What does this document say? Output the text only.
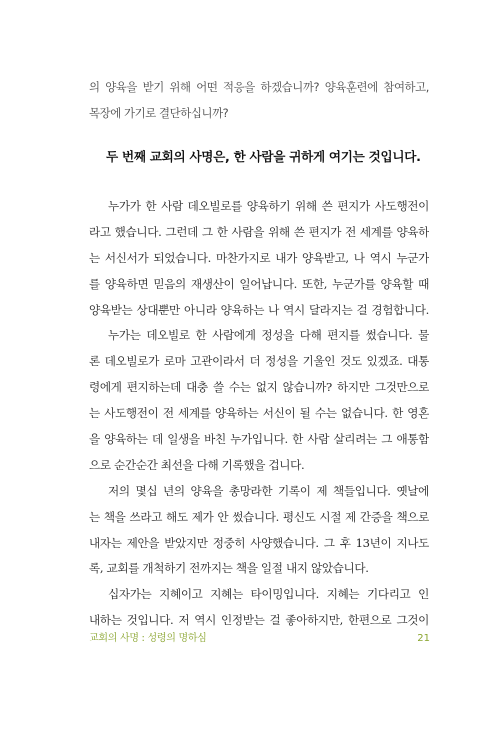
의 양육을 받기 위해 어떤 적응을 하겠습니까? 양육훈련에 참여하고,
목장에 가기로 결단하십니까?
두 번째 교회의 사명은, 한 사람을 귀하게 여기는 것입니다.
누가가 한 사람 데오빌로를 양육하기 위해 쓴 편지가 사도행전이
라고 했습니다. 그런데 그 한 사람을 위해 쓴 편지가 전 세계를 양육하
는 서신서가 되었습니다. 마찬가지로 내가 양육받고, 나 역시 누군가
를 양육하면 믿음의 재생산이 일어납니다. 또한, 누군가를 양육할 때
양육받는 상대뿐만 아니라 양육하는 나 역시 달라지는 걸 경험합니다.
누가는 데오빌로 한 사람에게 정성을 다해 편지를 썼습니다. 물
론 데오빌로가 로마 고관이라서 더 정성을 기울인 것도 있겠죠. 대통
령에게 편지하는데 대충 쓸 수는 없지 않습니까? 하지만 그것만으로
는 사도행전이 전 세계를 양육하는 서신이 될 수는 없습니다. 한 영혼
을 양육하는 데 일생을 바친 누가입니다. 한 사람 살리려는 그 애통함
으로 순간순간 최선을 다해 기록했을 겁니다.
저의 몇십 년의 양육을 총망라한 기록이 제 책들입니다. 옛날에
는 책을 쓰라고 해도 제가 안 썼습니다. 평신도 시절 제 간증을 책으로
내자는 제안을 받았지만 정중히 사양했습니다. 그 후 13년이 지나도
록, 교회를 개척하기 전까지는 책을 일절 내지 않았습니다.
십자가는 지혜이고 지혜는 타이밍입니다. 지혜는 기다리고 인
내하는 것입니다. 저 역시 인정받는 걸 좋아하지만, 한편으로 그것이
교회의 사명 : 성령의 명하심	21
